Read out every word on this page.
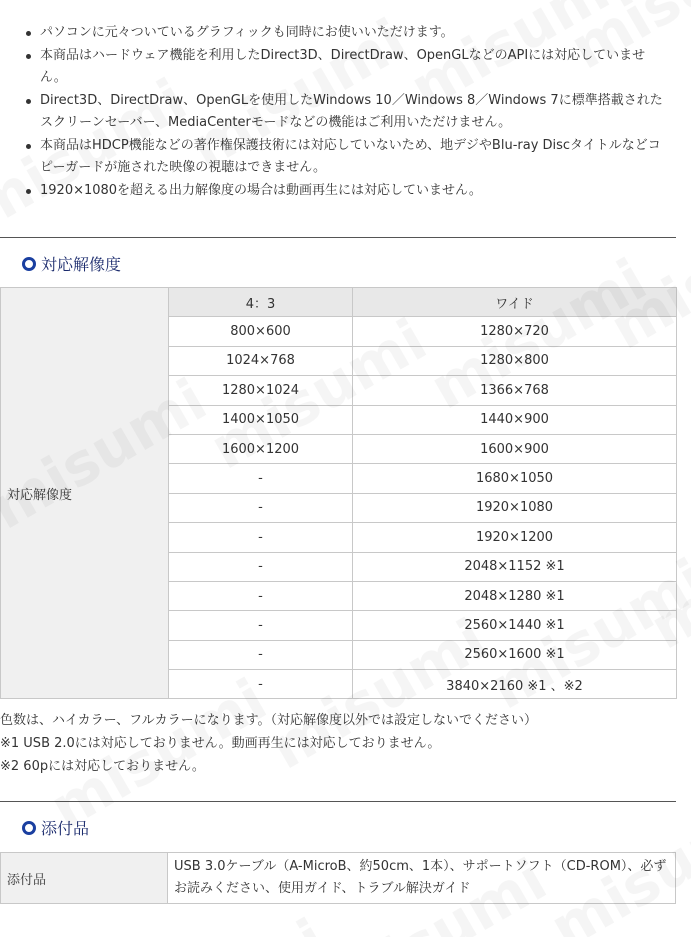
パソコンに元々ついているグラフィックも同時にお使いいただけます。
本商品はハードウェア機能を利用したDirect3D、DirectDraw、OpenGLなどのAPIには対応していません。
Direct3D、DirectDraw、OpenGLを使用したWindows 10／Windows 8／Windows 7に標準搭載されたスクリーンセーバー、MediaCenterモードなどの機能はご利用いただけません。
本商品はHDCP機能などの著作権保護技術には対応していないため、地デジやBlu-ray Discタイトルなどコピーガードが施された映像の視聴はできません。
1920×1080を超える出力解像度の場合は動画再生には対応していません。
対応解像度
対応解像度	4：3	ワイド
	800×600	1280×720
	1024×768	1280×800
	1280×1024	1366×768
	1400×1050	1440×900
	1600×1200	1600×900
	-	1680×1050
	-	1920×1080
	-	1920×1200
	-	2048×1152 ※1
	-	2048×1280 ※1
	-	2560×1440 ※1
	-	2560×1600 ※1
	-	3840×2160 ※1 、※2
色数は、ハイカラー、フルカラーになります。（対応解像度以外では設定しないでください）
※1 USB 2.0には対応しておりません。動画再生には対応しておりません。
※2 60pには対応しておりません。
添付品
添付品	USB 3.0ケーブル（A-MicroB、約50cm、1本）、サポートソフト（CD-ROM）、必ずお読みください、使用ガイド、トラブル解決ガイド
